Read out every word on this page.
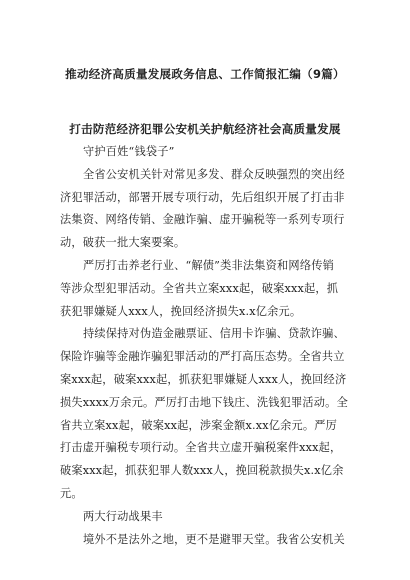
推动经济高质量发展政务信息、工作简报汇编（9篇）
打击防范经济犯罪公安机关护航经济社会高质量发展
守护百姓“钱袋子”
全省公安机关针对常见多发、群众反映强烈的突出经
济犯罪活动，部署开展专项行动，先后组织开展了打击非
法集资、网络传销、金融诈骗、虚开骗税等一系列专项行
动，破获一批大案要案。
严厉打击养老行业、“解债”类非法集资和网络传销
等涉众型犯罪活动。全省共立案xxx起，破案xxx起，抓
获犯罪嫌疑人xxx人，挽回经济损失x.x亿余元。
持续保持对伪造金融票证、信用卡诈骗、贷款诈骗、
保险诈骗等金融诈骗犯罪活动的严打高压态势。全省共立
案xxx起，破案xxx起，抓获犯罪嫌疑人xxx人，挽回经济
损失xxxx万余元。严厉打击地下钱庄、洗钱犯罪活动。全
省共立案xx起，破案xx起，涉案金额x.xx亿余元。严厉
打击虚开骗税专项行动。全省共立虚开骗税案件xxx起，
破案xxx起，抓获犯罪人数xxx人，挽回税款损失x.x亿余
元。
两大行动战果丰
境外不是法外之地，更不是避罪天堂。我省公安机关
